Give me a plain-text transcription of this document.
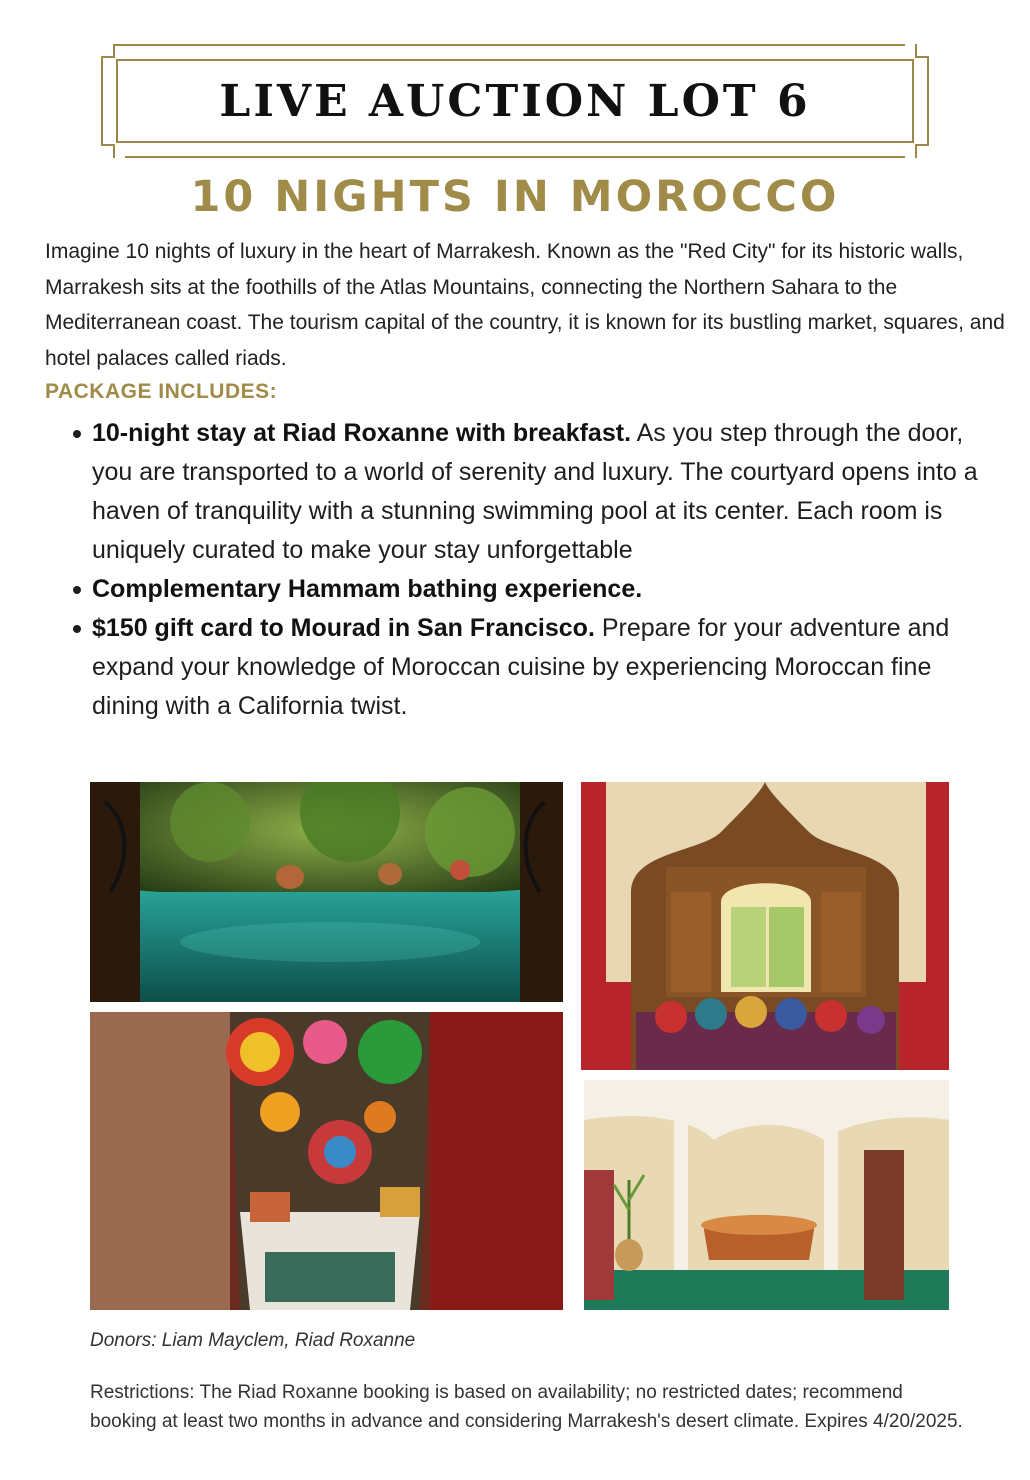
LIVE AUCTION LOT 6
10 NIGHTS IN MOROCCO
Imagine 10 nights of luxury in the heart of Marrakesh. Known as the "Red City" for its historic walls, Marrakesh sits at the foothills of the Atlas Mountains, connecting the Northern Sahara to the Mediterranean coast. The tourism capital of the country, it is known for its bustling market, squares, and hotel palaces called riads.
PACKAGE INCLUDES:
10-night stay at Riad Roxanne with breakfast. As you step through the door, you are transported to a world of serenity and luxury. The courtyard opens into a haven of tranquility with a stunning swimming pool at its center. Each room is uniquely curated to make your stay unforgettable
Complementary Hammam bathing experience.
$150 gift card to Mourad in San Francisco. Prepare for your adventure and expand your knowledge of Moroccan cuisine by experiencing Moroccan fine dining with a California twist.
Donors: Liam Mayclem, Riad Roxanne
Restrictions: The Riad Roxanne booking is based on availability; no restricted dates; recommend booking at least two months in advance and considering Marrakesh's desert climate. Expires 4/20/2025.
